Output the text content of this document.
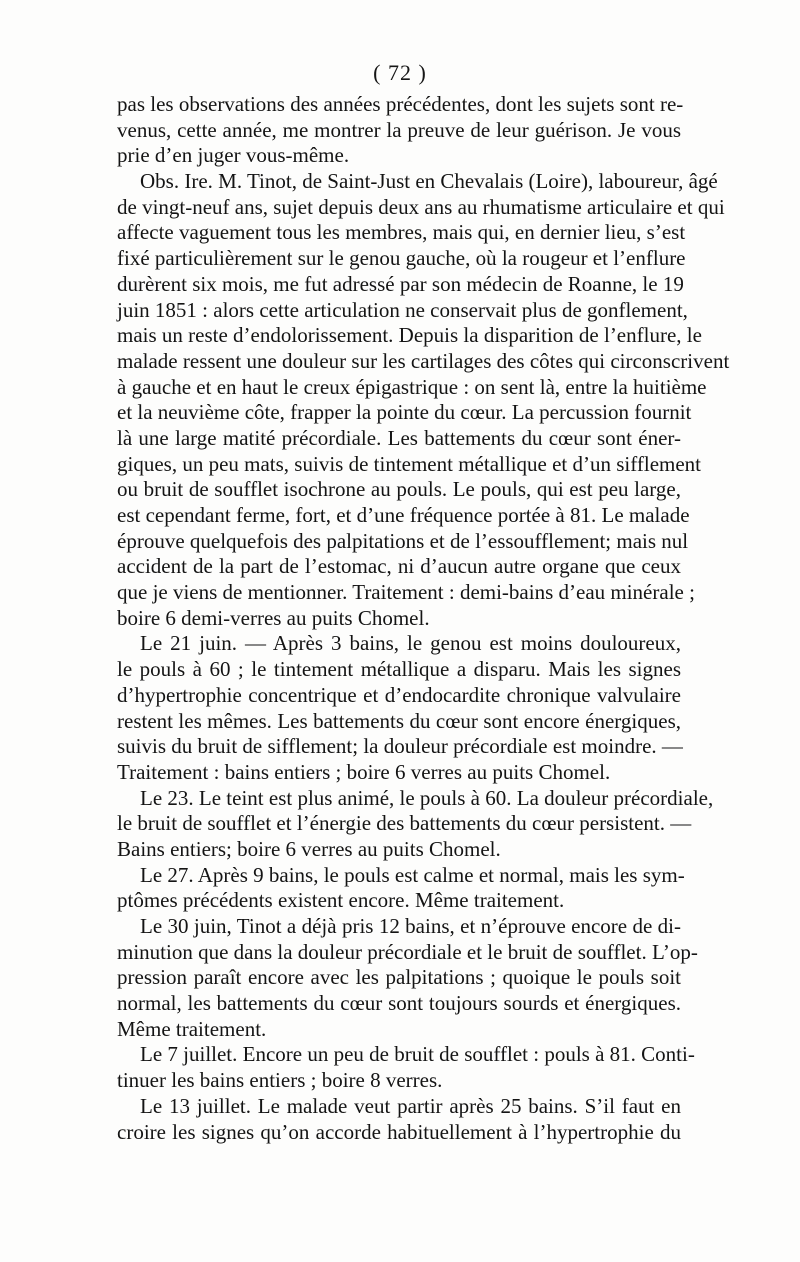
( 72 )
pas les observations des années précédentes, dont les sujets sont re-
venus, cette année, me montrer la preuve de leur guérison. Je vous
prie d’en juger vous-même.
Obs. Ire. M. Tinot, de Saint-Just en Chevalais (Loire), laboureur, âgé
de vingt-neuf ans, sujet depuis deux ans au rhumatisme articulaire et qui
affecte vaguement tous les membres, mais qui, en dernier lieu, s’est
fixé particulièrement sur le genou gauche, où la rougeur et l’enflure
durèrent six mois, me fut adressé par son médecin de Roanne, le 19
juin 1851 : alors cette articulation ne conservait plus de gonflement,
mais un reste d’endolorissement. Depuis la disparition de l’enflure, le
malade ressent une douleur sur les cartilages des côtes qui circonscrivent
à gauche et en haut le creux épigastrique : on sent là, entre la huitième
et la neuvième côte, frapper la pointe du cœur. La percussion fournit
là une large matité précordiale. Les battements du cœur sont éner-
giques, un peu mats, suivis de tintement métallique et d’un sifflement
ou bruit de soufflet isochrone au pouls. Le pouls, qui est peu large,
est cependant ferme, fort, et d’une fréquence portée à 81. Le malade
éprouve quelquefois des palpitations et de l’essoufflement; mais nul
accident de la part de l’estomac, ni d’aucun autre organe que ceux
que je viens de mentionner. Traitement : demi-bains d’eau minérale ;
boire 6 demi-verres au puits Chomel.
Le 21 juin. — Après 3 bains, le genou est moins douloureux,
le pouls à 60 ; le tintement métallique a disparu. Mais les signes
d’hypertrophie concentrique et d’endocardite chronique valvulaire
restent les mêmes. Les battements du cœur sont encore énergiques,
suivis du bruit de sifflement; la douleur précordiale est moindre. —
Traitement : bains entiers ; boire 6 verres au puits Chomel.
Le 23. Le teint est plus animé, le pouls à 60. La douleur précordiale,
le bruit de soufflet et l’énergie des battements du cœur persistent. —
Bains entiers; boire 6 verres au puits Chomel.
Le 27. Après 9 bains, le pouls est calme et normal, mais les sym-
ptômes précédents existent encore. Même traitement.
Le 30 juin, Tinot a déjà pris 12 bains, et n’éprouve encore de di-
minution que dans la douleur précordiale et le bruit de soufflet. L’op-
pression paraît encore avec les palpitations ; quoique le pouls soit
normal, les battements du cœur sont toujours sourds et énergiques.
Même traitement.
Le 7 juillet. Encore un peu de bruit de soufflet : pouls à 81. Conti-
tinuer les bains entiers ; boire 8 verres.
Le 13 juillet. Le malade veut partir après 25 bains. S’il faut en
croire les signes qu’on accorde habituellement à l’hypertrophie du
